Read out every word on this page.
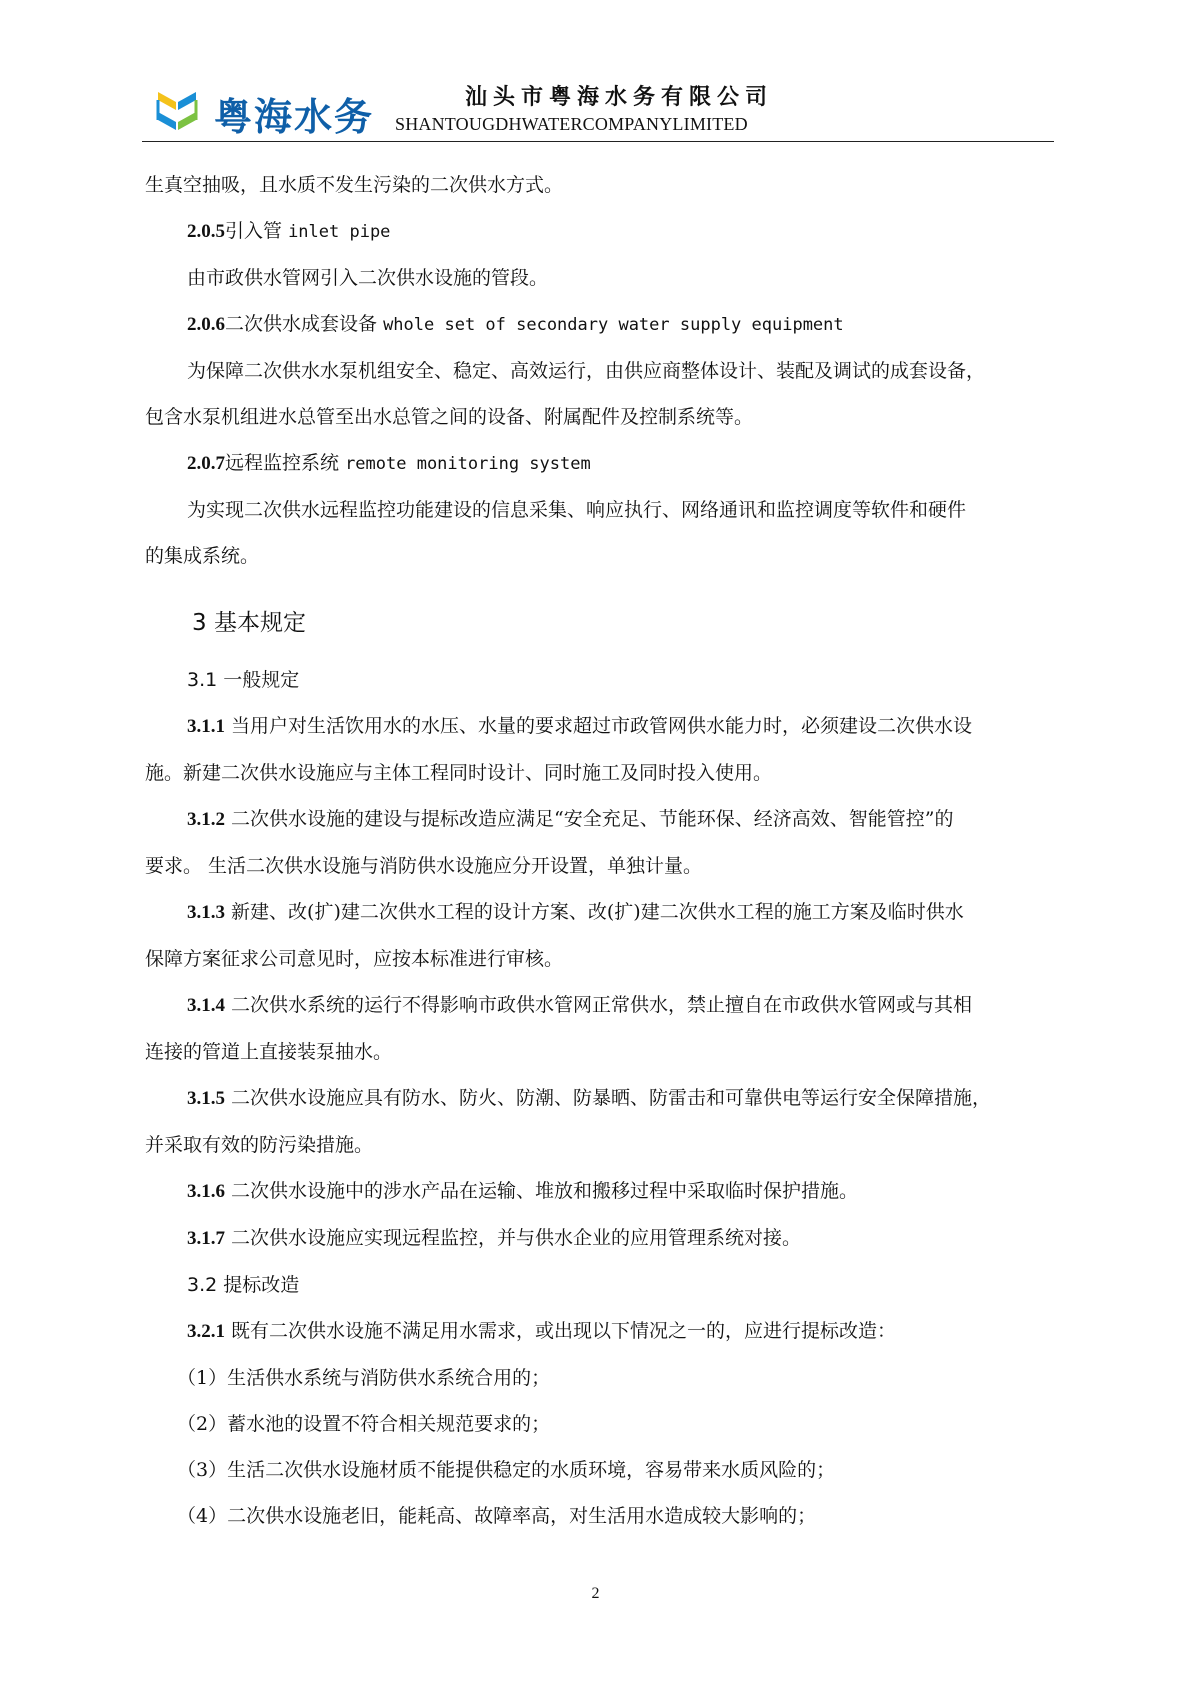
粤海水务	汕头市粤海水务有限公司
SHANTOUGDHWATERCOMPANYLIMITED

生真空抽吸，且水质不发生污染的二次供水方式。

2.0.5引入管 inlet pipe

由市政供水管网引入二次供水设施的管段。

2.0.6二次供水成套设备 whole set of secondary water supply equipment

为保障二次供水水泵机组安全、稳定、高效运行，由供应商整体设计、装配及调试的成套设备，

包含水泵机组进水总管至出水总管之间的设备、附属配件及控制系统等。

2.0.7远程监控系统 remote monitoring system

为实现二次供水远程监控功能建设的信息采集、响应执行、网络通讯和监控调度等软件和硬件

的集成系统。

3 基本规定
3.1 一般规定

3.1.1 当用户对生活饮用水的水压、水量的要求超过市政管网供水能力时，必须建设二次供水设

施。新建二次供水设施应与主体工程同时设计、同时施工及同时投入使用。

3.1.2 二次供水设施的建设与提标改造应满足“安全充足、节能环保、经济高效、智能管控”的

要求。 生活二次供水设施与消防供水设施应分开设置，单独计量。

3.1.3 新建、改(扩)建二次供水工程的设计方案、改(扩)建二次供水工程的施工方案及临时供水

保障方案征求公司意见时，应按本标准进行审核。

3.1.4 二次供水系统的运行不得影响市政供水管网正常供水，禁止擅自在市政供水管网或与其相

连接的管道上直接装泵抽水。

3.1.5 二次供水设施应具有防水、防火、防潮、防暴晒、防雷击和可靠供电等运行安全保障措施，

并采取有效的防污染措施。

3.1.6 二次供水设施中的涉水产品在运输、堆放和搬移过程中采取临时保护措施。

3.1.7 二次供水设施应实现远程监控，并与供水企业的应用管理系统对接。

3.2 提标改造

3.2.1 既有二次供水设施不满足用水需求，或出现以下情况之一的，应进行提标改造：

（1）生活供水系统与消防供水系统合用的；

（2）蓄水池的设置不符合相关规范要求的；

（3）生活二次供水设施材质不能提供稳定的水质环境，容易带来水质风险的；

（4）二次供水设施老旧，能耗高、故障率高，对生活用水造成较大影响的；

2
